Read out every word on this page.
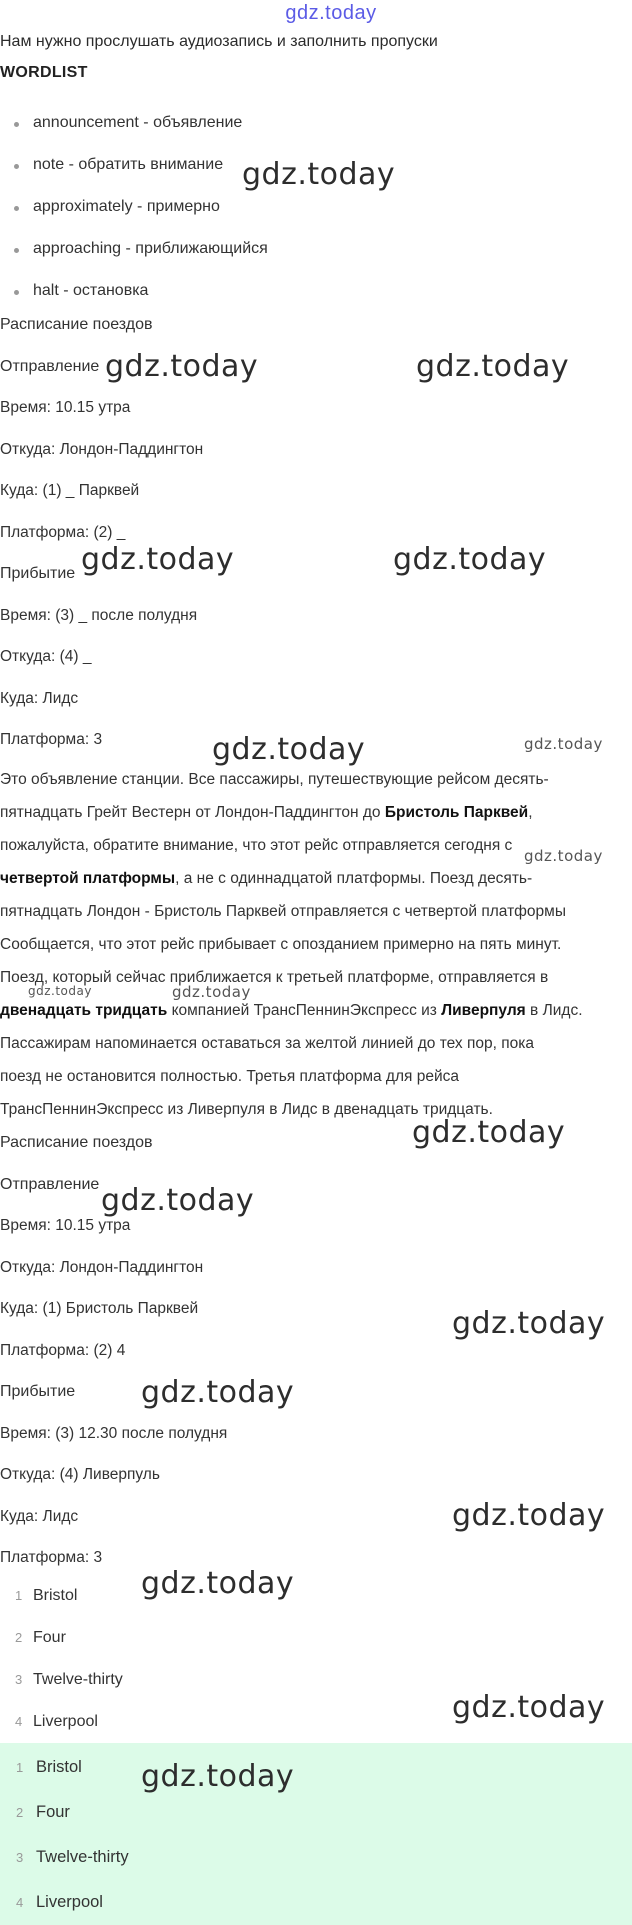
gdz.today
Нам нужно прослушать аудиозапись и заполнить пропуски
WORDLIST
announcement - объявление
note - обратить внимание
approximately - примерно
approaching - приближающийся
halt - остановка
Расписание поездов
Отправление
Время: 10.15 утра
Откуда: Лондон-Паддингтон
Куда: (1) _ Парквей
Платформа: (2) _
Прибытие
Время: (3) _ после полудня
Откуда: (4) _
Куда: Лидс
Платформа: 3
Это объявление станции. Все пассажиры, путешествующие рейсом десять-
пятнадцать Грейт Вестерн от Лондон-Паддингтон до Бристоль Парквей,
пожалуйста, обратите внимание, что этот рейс отправляется сегодня с
четвертой платформы, а не с одиннадцатой платформы. Поезд десять-
пятнадцать Лондон - Бристоль Парквей отправляется с четвертой платформы
Сообщается, что этот рейс прибывает с опозданием примерно на пять минут.
Поезд, который сейчас приближается к третьей платформе, отправляется в
двенадцать тридцать компанией ТрансПеннинЭкспресс из Ливерпуля в Лидс.
Пассажирам напоминается оставаться за желтой линией до тех пор, пока
поезд не остановится полностью. Третья платформа для рейса
ТрансПеннинЭкспресс из Ливерпуля в Лидс в двенадцать тридцать.
Расписание поездов
Отправление
Время: 10.15 утра
Откуда: Лондон-Паддингтон
Куда: (1) Бристоль Парквей
Платформа: (2) 4
Прибытие
Время: (3) 12.30 после полудня
Откуда: (4) Ливерпуль
Куда: Лидс
Платформа: 3
1 Bristol
2 Four
3 Twelve-thirty
4 Liverpool
1 Bristol
2 Four
3 Twelve-thirty
4 Liverpool
gdz.today
gdz.today	gdz.today
gdz.today	gdz.today
gdz.today	gdz.today
gdz.today
gdz.today	gdz.today
gdz.today
gdz.today
gdz.today
gdz.today
gdz.today
gdz.today
gdz.today
gdz.today
